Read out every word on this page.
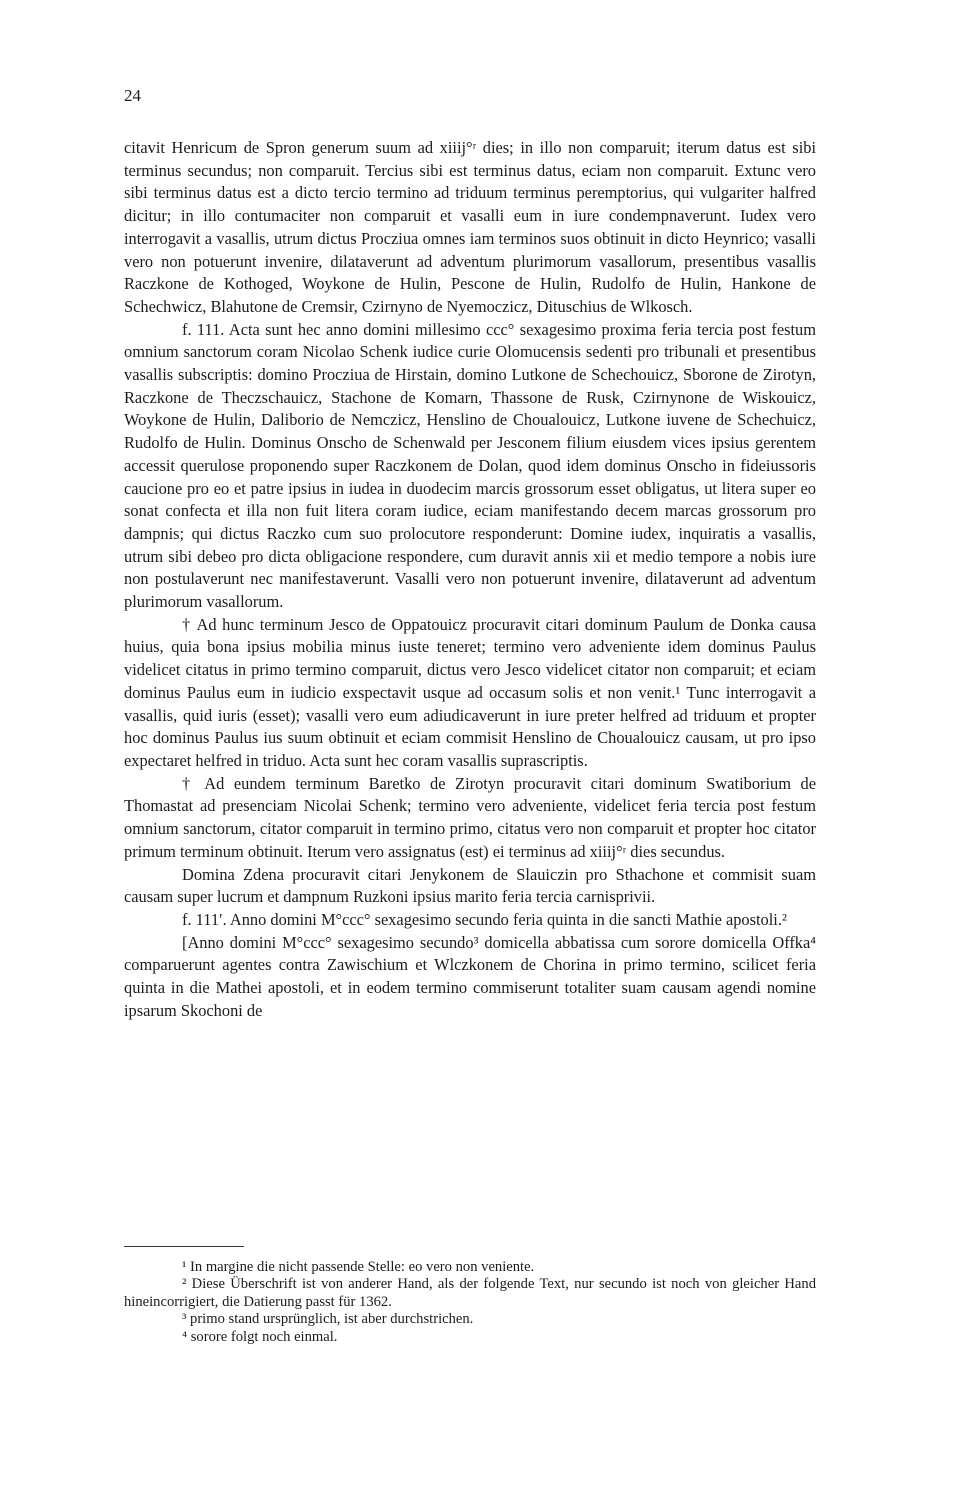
24

citavit Henricum de Spron generum suum ad xiiij°ʳ dies; in illo non comparuit; iterum datus est sibi terminus secundus; non comparuit. Tercius sibi est terminus datus, eciam non comparuit. Extunc vero sibi terminus datus est a dicto tercio termino ad triduum terminus peremptorius, qui vulgariter halfred dicitur; in illo contumaciter non comparuit et vasalli eum in iure condempnaverunt. Iudex vero interrogavit a vasallis, utrum dictus Procziua omnes iam terminos suos obtinuit in dicto Heynrico; vasalli vero non potuerunt invenire, dilataverunt ad adventum plurimorum vasallorum, presentibus vasallis Raczkone de Kothoged, Woykone de Hulin, Pescone de Hulin, Rudolfo de Hulin, Hankone de Schechwicz, Blahutone de Cremsir, Czirnyno de Nyemoczicz, Dituschius de Wlkosch.

f. 111. Acta sunt hec anno domini millesimo ccc° sexagesimo proxima feria tercia post festum omnium sanctorum coram Nicolao Schenk iudice curie Olomucensis sedenti pro tribunali et presentibus vasallis subscriptis: domino Procziua de Hirstain, domino Lutkone de Schechouicz, Sborone de Zirotyn, Raczkone de Theczschauicz, Stachone de Komarn, Thassone de Rusk, Czirnynone de Wiskouicz, Woykone de Hulin, Daliborio de Nemczicz, Henslino de Choualouicz, Lutkone iuvene de Schechuicz, Rudolfo de Hulin. Dominus Onscho de Schenwald per Jesconem filium eiusdem vices ipsius gerentem accessit querulose proponendo super Raczkonem de Dolan, quod idem dominus Onscho in fideiussoris caucione pro eo et patre ipsius in iudea in duodecim marcis grossorum esset obligatus, ut litera super eo sonat confecta et illa non fuit litera coram iudice, eciam manifestando decem marcas grossorum pro dampnis; qui dictus Raczko cum suo prolocutore responderunt: Domine iudex, inquiratis a vasallis, utrum sibi debeo pro dicta obligacione respondere, cum duravit annis xii et medio tempore a nobis iure non postulaverunt nec manifestaverunt. Vasalli vero non potuerunt invenire, dilataverunt ad adventum plurimorum vasallorum.

† Ad hunc terminum Jesco de Oppatouicz procuravit citari dominum Paulum de Donka causa huius, quia bona ipsius mobilia minus iuste teneret; termino vero adveniente idem dominus Paulus videlicet citatus in primo termino comparuit, dictus vero Jesco videlicet citator non comparuit; et eciam dominus Paulus eum in iudicio exspectavit usque ad occasum solis et non venit.¹ Tunc interrogavit a vasallis, quid iuris (esset); vasalli vero eum adiudicaverunt in iure preter helfred ad triduum et propter hoc dominus Paulus ius suum obtinuit et eciam commisit Henslino de Choualouicz causam, ut pro ipso expectaret helfred in triduo. Acta sunt hec coram vasallis suprascriptis.

† Ad eundem terminum Baretko de Zirotyn procuravit citari dominum Swatiborium de Thomastat ad presenciam Nicolai Schenk; termino vero adveniente, videlicet feria tercia post festum omnium sanctorum, citator comparuit in termino primo, citatus vero non comparuit et propter hoc citator primum terminum obtinuit. Iterum vero assignatus (est) ei terminus ad xiiij°ʳ dies secundus.

Domina Zdena procuravit citari Jenykonem de Slauiczin pro Sthachone et commisit suam causam super lucrum et dampnum Ruzkoni ipsius marito feria tercia carnisprivii.

f. 111′. Anno domini M°ccc° sexagesimo secundo feria quinta in die sancti Mathie apostoli.²

[Anno domini M°ccc° sexagesimo secundo³ domicella abbatissa cum sorore domicella Offka⁴ comparuerunt agentes contra Zawischium et Wlczkonem de Chorina in primo termino, scilicet feria quinta in die Mathei apostoli, et in eodem termino commiserunt totaliter suam causam agendi nomine ipsarum Skochoni de

¹ In margine die nicht passende Stelle: eo vero non veniente.

² Diese Überschrift ist von anderer Hand, als der folgende Text, nur secundo ist noch von gleicher Hand hineincorrigiert, die Datierung passt für 1362.

³ primo stand ursprünglich, ist aber durchstrichen.

⁴ sorore folgt noch einmal.
